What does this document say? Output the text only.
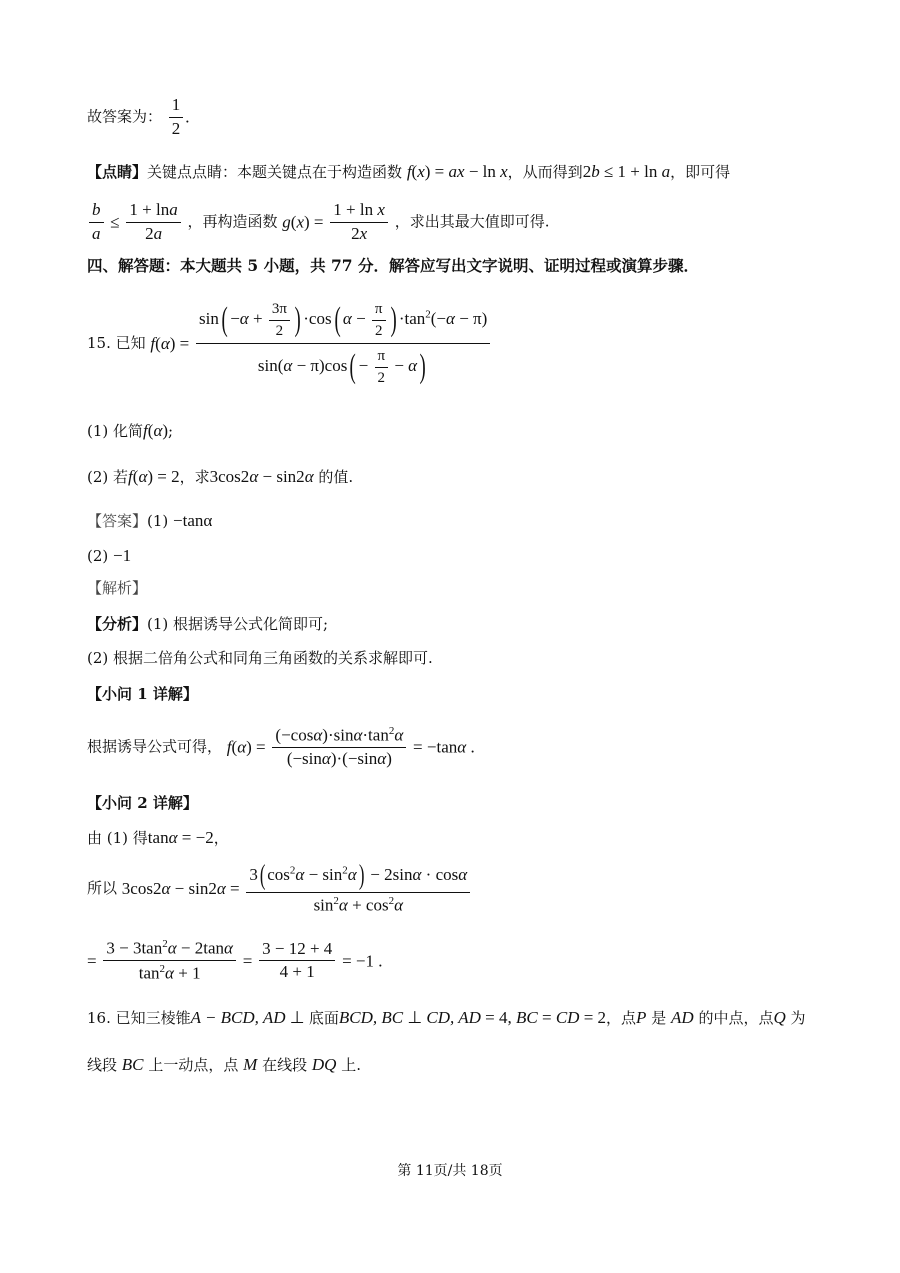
故答案为： $\frac{1}{2}$ .
【点睛】关键点点睛：本题关键点在于构造函数 f(x) = ax − ln x，从而得到2b ≤ 1 + ln a，即可得
$\frac{b}{a} \le \frac{1 + \ln a}{2a}$ ，再构造函数 $g(x) = \frac{\text{1 + ln x}}{2x}$ ，求出其最大值即可得.
四、解答题：本大题共 5 小题，共 77 分．解答应写出文字说明、证明过程或演算步骤．
15. 已知 $f(\alpha) = \frac{\sin( -\alpha + \frac{3\pi}{2} ) \cdot\cos( \alpha - \frac{\pi}{2} ) \cdot\tan^2(-\alpha - \pi)}{\sin(\alpha - \pi)\cos( - \frac{\pi}{2} - \alpha)}$
(1) 化简f(α);
(2) 若f(α) = 2，求3cos2α − sin2α 的值.
【答案】(1) −tanα
(2) −1
【解析】
【分析】(1) 根据诱导公式化简即可;
(2) 根据二倍角公式和同角三角函数的关系求解即可.
【小问 1 详解】
根据诱导公式可得， $f(\alpha) = \frac{(-\cos\alpha)\cdot\sin\alpha\cdot\tan^2\alpha}{(-\sin\alpha)\cdot(-\sin\alpha)} = -\tan\alpha$ .
【小问 2 详解】
由 (1) 得tanα = −2，
所以 $3\cos 2\alpha - \sin 2\alpha = \frac{3( \cos^2\alpha - \sin^2\alpha) - 2\sin\alpha \cdot \cos\alpha}{\sin^2\alpha + \cos^2\alpha}$
= $\frac{3 - 3\tan^2\alpha - 2\tan\alpha}{\tan^2\alpha + 1} = \frac{3 - 12 + 4}{4 + 1} = -1$ .
16. 已知三棱锥A − BCD, AD ⊥ 底面BCD, BC ⊥ CD, AD = 4, BC = CD = 2，点P 是 AD 的中点，点Q 为
线段 BC 上一动点，点 M 在线段 DQ 上.
第 11页/共 18页
